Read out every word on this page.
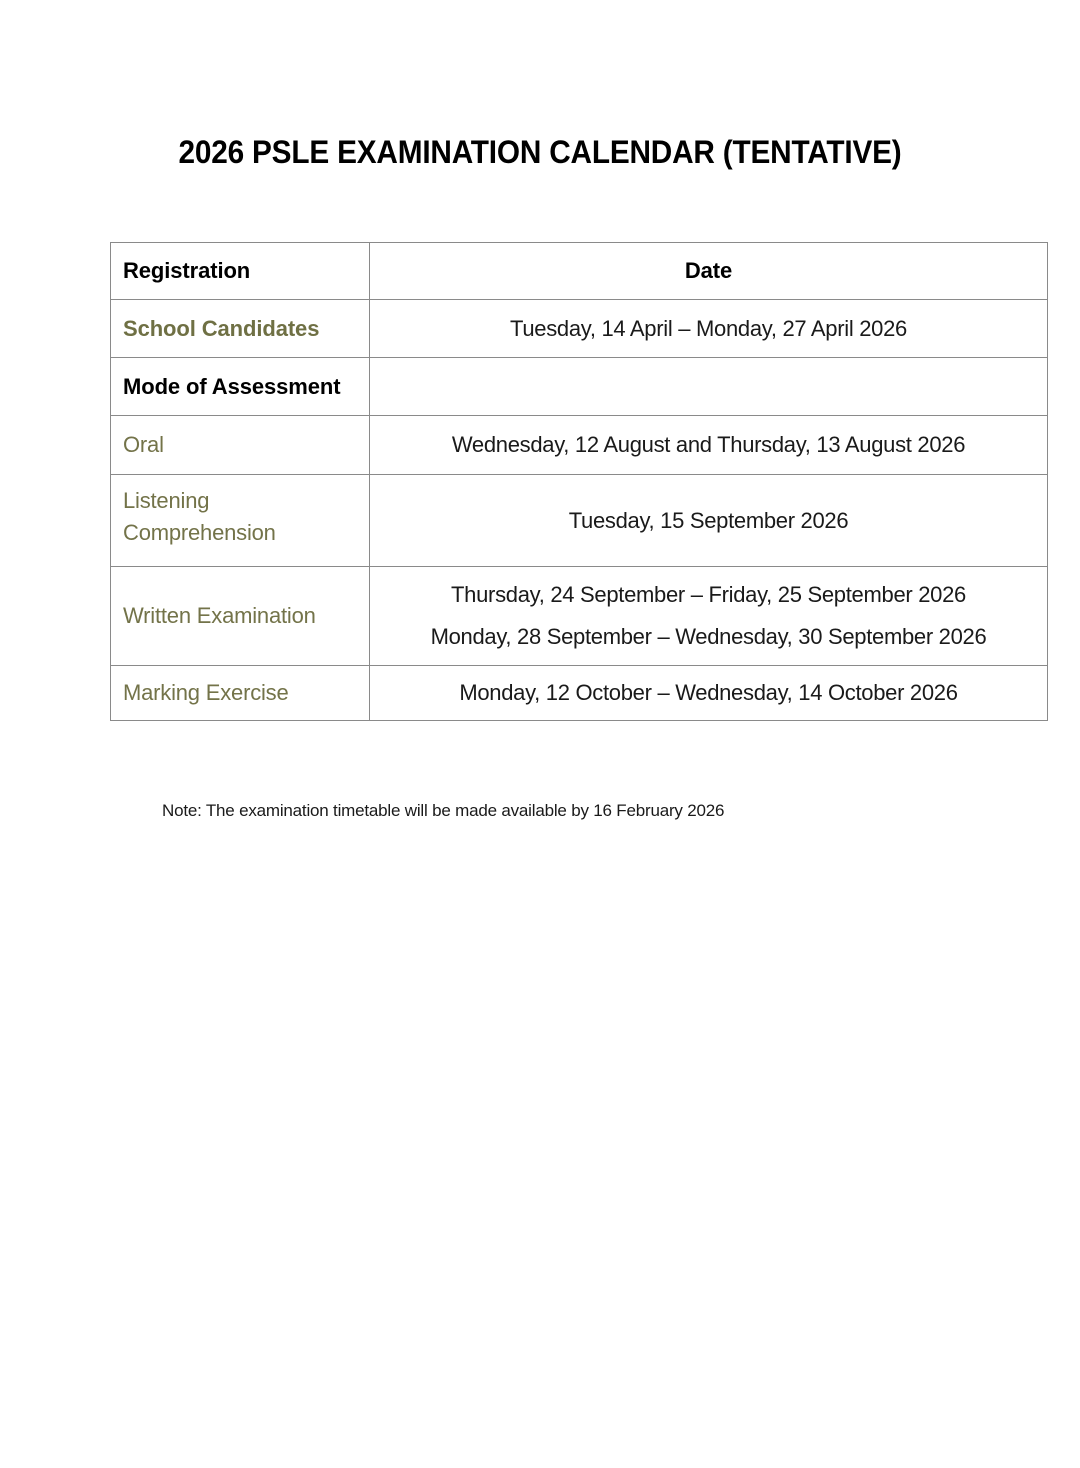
2026 PSLE EXAMINATION CALENDAR (TENTATIVE)
Registration	Date

School Candidates	Tuesday, 14 April – Monday, 27 April 2026

Mode of Assessment	

Oral	Wednesday, 12 August and Thursday, 13 August 2026

Listening
Comprehension	Tuesday, 15 September 2026

Written Examination	Thursday, 24 September – Friday, 25 September 2026
Monday, 28 September – Wednesday, 30 September 2026

Marking Exercise	Monday, 12 October – Wednesday, 14 October 2026
Note: The examination timetable will be made available by 16 February 2026
